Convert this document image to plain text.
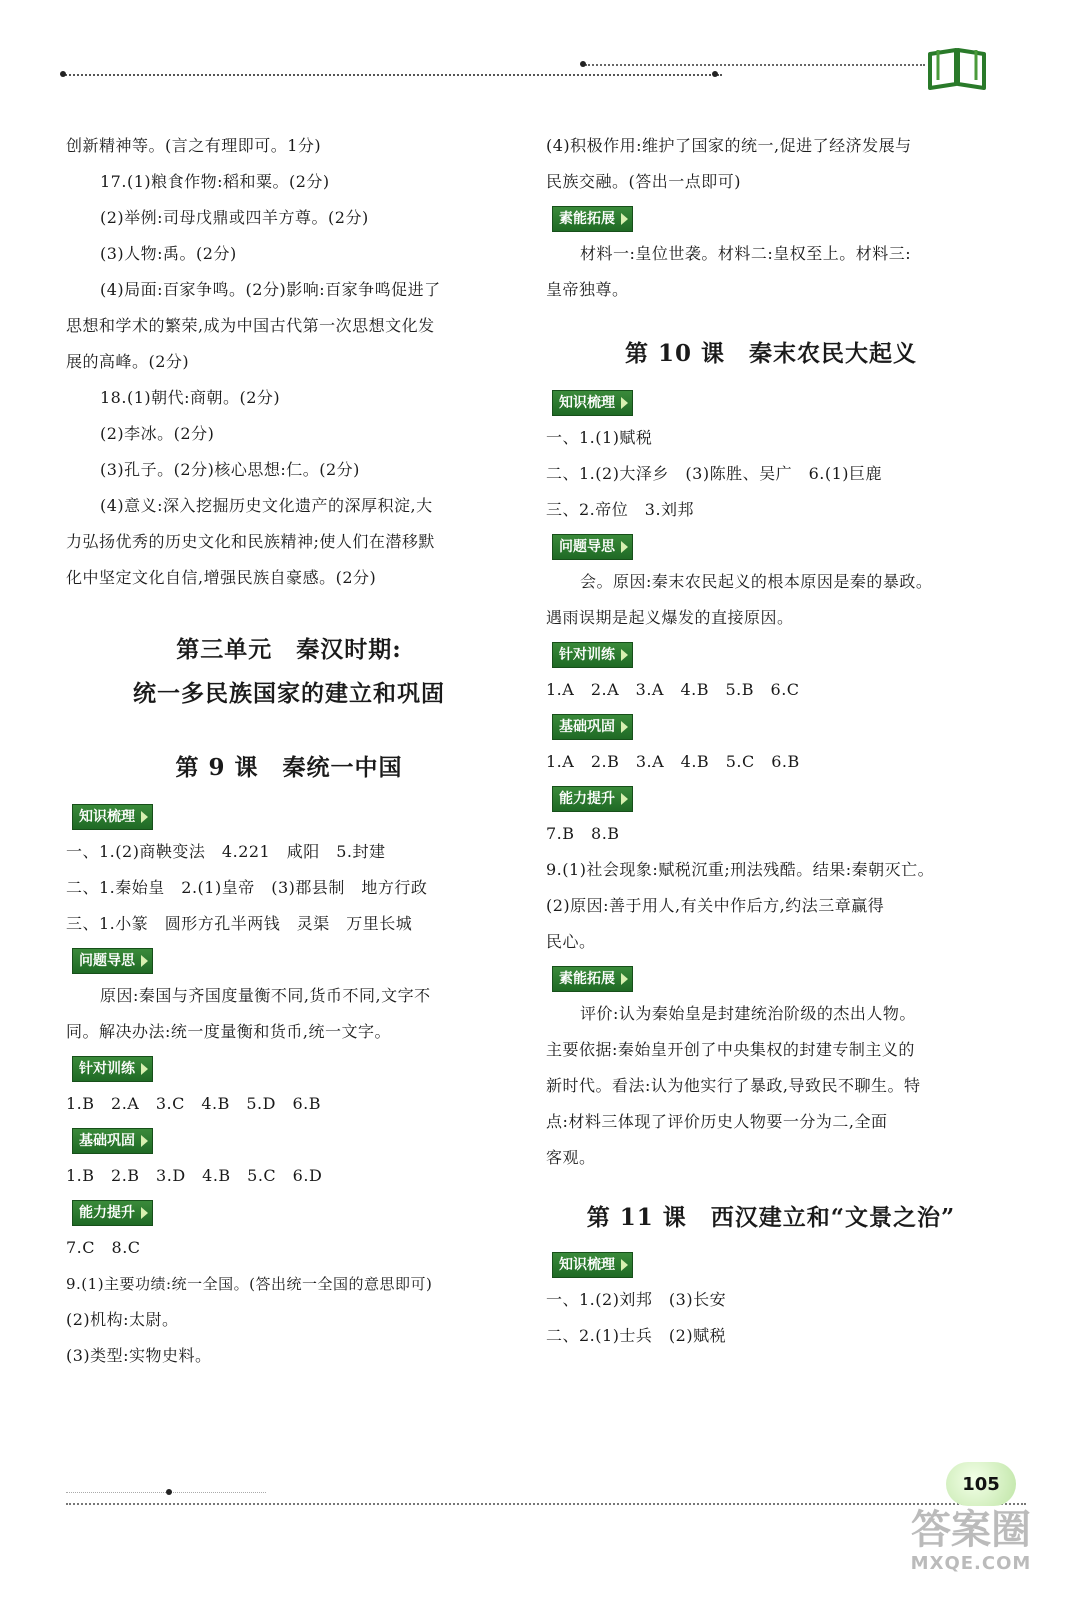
创新精神等。(言之有理即可。1分)
17.(1)粮食作物:稻和粟。(2分)
(2)举例:司母戊鼎或四羊方尊。(2分)
(3)人物:禹。(2分)
(4)局面:百家争鸣。(2分)影响:百家争鸣促进了
思想和学术的繁荣,成为中国古代第一次思想文化发
展的高峰。(2分)
18.(1)朝代:商朝。(2分)
(2)李冰。(2分)
(3)孔子。(2分)核心思想:仁。(2分)
(4)意义:深入挖掘历史文化遗产的深厚积淀,大
力弘扬优秀的历史文化和民族精神;使人们在潜移默
化中坚定文化自信,增强民族自豪感。(2分)
第三单元　秦汉时期:
统一多民族国家的建立和巩固
第 9 课　秦统一中国
知识梳理
一、1.(2)商鞅变法　4.221　咸阳　5.封建
二、1.秦始皇　2.(1)皇帝　(3)郡县制　地方行政
三、1.小篆　圆形方孔半两钱　灵渠　万里长城
问题导思
原因:秦国与齐国度量衡不同,货币不同,文字不
同。解决办法:统一度量衡和货币,统一文字。
针对训练
1.B　2.A　3.C　4.B　5.D　6.B
基础巩固
1.B　2.B　3.D　4.B　5.C　6.D
能力提升
7.C　8.C
9.(1)主要功绩:统一全国。(答出统一全国的意思即可)
(2)机构:太尉。
(3)类型:实物史料。
(4)积极作用:维护了国家的统一,促进了经济发展与
民族交融。(答出一点即可)
素能拓展
材料一:皇位世袭。材料二:皇权至上。材料三:
皇帝独尊。
第 10 课　秦末农民大起义
知识梳理
一、1.(1)赋税
二、1.(2)大泽乡　(3)陈胜、吴广　6.(1)巨鹿
三、2.帝位　3.刘邦
问题导思
会。原因:秦末农民起义的根本原因是秦的暴政。
遇雨误期是起义爆发的直接原因。
针对训练
1.A　2.A　3.A　4.B　5.B　6.C
基础巩固
1.A　2.B　3.A　4.B　5.C　6.B
能力提升
7.B　8.B
9.(1)社会现象:赋税沉重;刑法残酷。结果:秦朝灭亡。
(2)原因:善于用人,有关中作后方,约法三章赢得
民心。
素能拓展
评价:认为秦始皇是封建统治阶级的杰出人物。
主要依据:秦始皇开创了中央集权的封建专制主义的
新时代。看法:认为他实行了暴政,导致民不聊生。特
点:材料三体现了评价历史人物要一分为二,全面
客观。
第 11 课　西汉建立和“文景之治”
知识梳理
一、1.(2)刘邦　(3)长安
二、2.(1)士兵　(2)赋税
105
答案圈
MXQE.COM
